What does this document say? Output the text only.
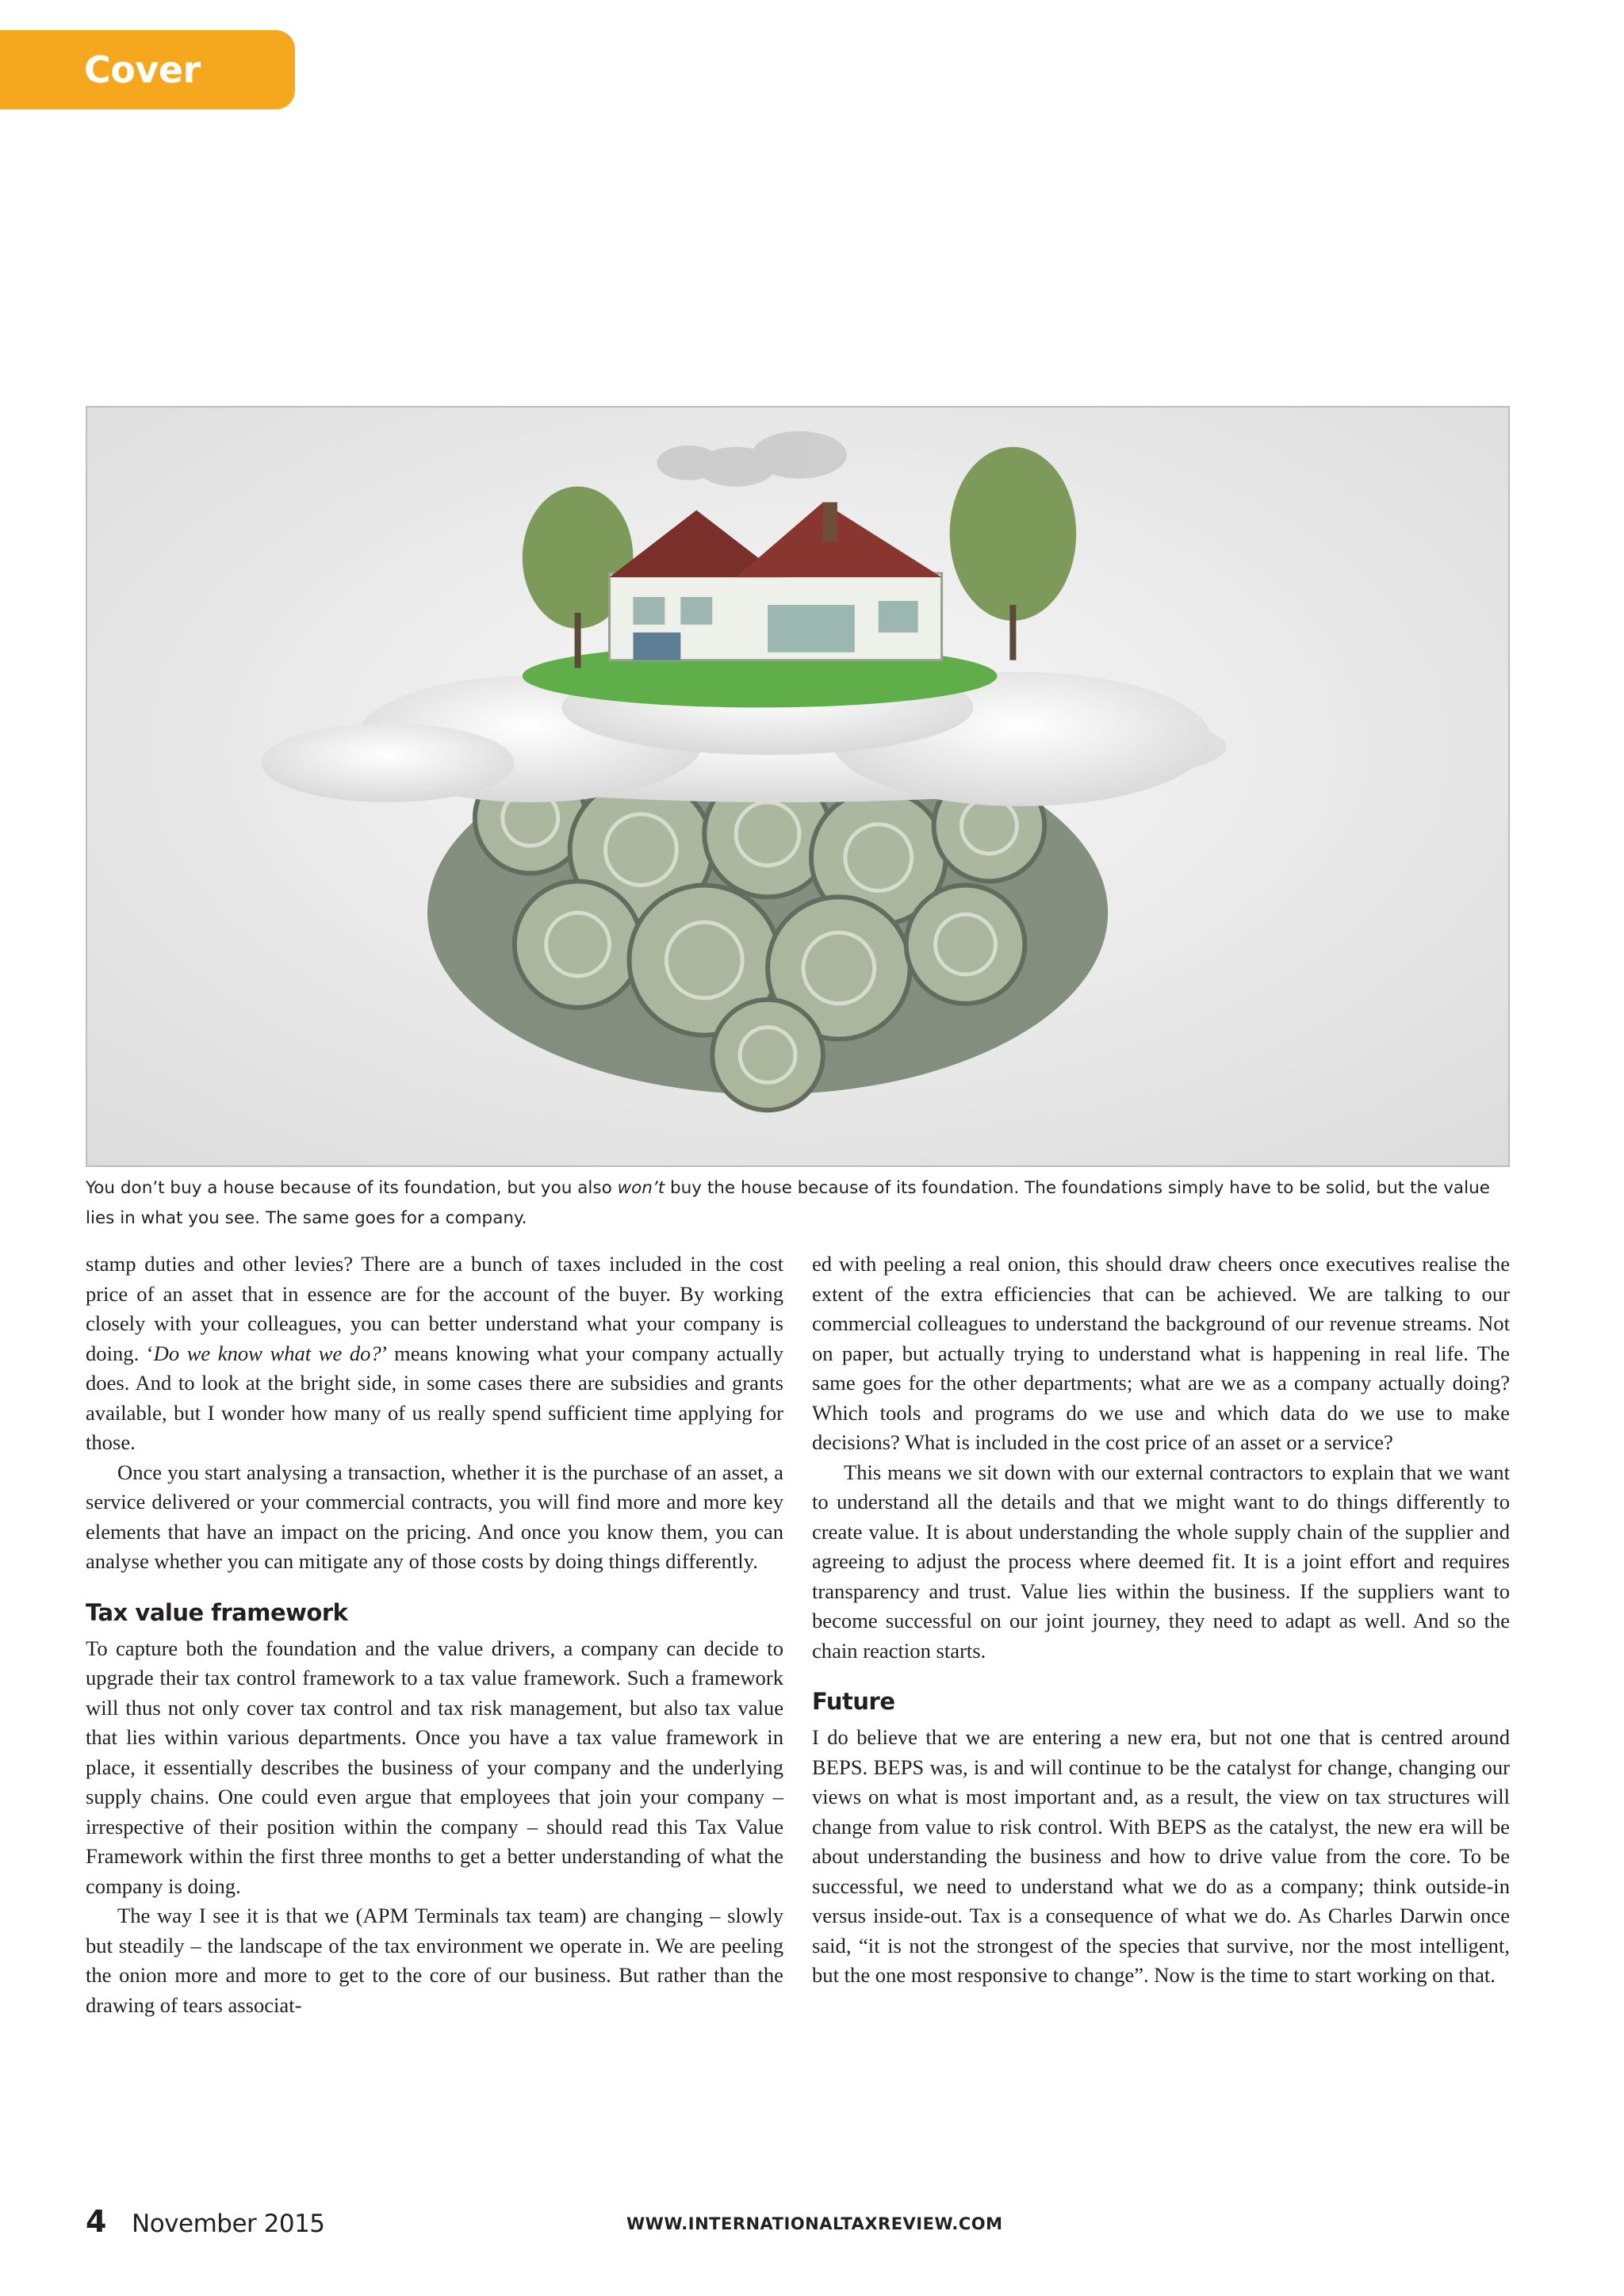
Cover story
You don’t buy a house because of its foundation, but you also won’t buy the house because of its foundation. The foundations simply have to be solid, but the value lies in what you see. The same goes for a company.

stamp duties and other levies? There are a bunch of taxes included in the cost price of an asset that in essence are for the account of the buyer. By working closely with your colleagues, you can better understand what your company is doing. ‘Do we know what we do?’ means knowing what your company actually does. And to look at the bright side, in some cases there are subsidies and grants available, but I wonder how many of us really spend sufficient time applying for those.

Once you start analysing a transaction, whether it is the purchase of an asset, a service delivered or your commercial contracts, you will find more and more key elements that have an impact on the pricing. And once you know them, you can analyse whether you can mitigate any of those costs by doing things differently.

Tax value framework

To capture both the foundation and the value drivers, a company can decide to upgrade their tax control framework to a tax value framework. Such a framework will thus not only cover tax control and tax risk management, but also tax value that lies within various departments. Once you have a tax value framework in place, it essentially describes the business of your company and the underlying supply chains. One could even argue that employees that join your company – irrespective of their position within the company – should read this Tax Value Framework within the first three months to get a better understanding of what the company is doing.

The way I see it is that we (APM Terminals tax team) are changing – slowly but steadily – the landscape of the tax environment we operate in. We are peeling the onion more and more to get to the core of our business. But rather than the drawing of tears associat-

ed with peeling a real onion, this should draw cheers once executives realise the extent of the extra efficiencies that can be achieved. We are talking to our commercial colleagues to understand the background of our revenue streams. Not on paper, but actually trying to understand what is happening in real life. The same goes for the other departments; what are we as a company actually doing? Which tools and programs do we use and which data do we use to make decisions? What is included in the cost price of an asset or a service?

This means we sit down with our external contractors to explain that we want to understand all the details and that we might want to do things differently to create value. It is about understanding the whole supply chain of the supplier and agreeing to adjust the process where deemed fit. It is a joint effort and requires transparency and trust. Value lies within the business. If the suppliers want to become successful on our joint journey, they need to adapt as well. And so the chain reaction starts.

Future

I do believe that we are entering a new era, but not one that is centred around BEPS. BEPS was, is and will continue to be the catalyst for change, changing our views on what is most important and, as a result, the view on tax structures will change from value to risk control. With BEPS as the catalyst, the new era will be about understanding the business and how to drive value from the core. To be successful, we need to understand what we do as a company; think outside-in versus inside-out. Tax is a consequence of what we do. As Charles Darwin once said, “it is not the strongest of the species that survive, nor the most intelligent, but the one most responsive to change”. Now is the time to start working on that.

4 November 2015	WWW.INTERNATIONALTAXREVIEW.COM
